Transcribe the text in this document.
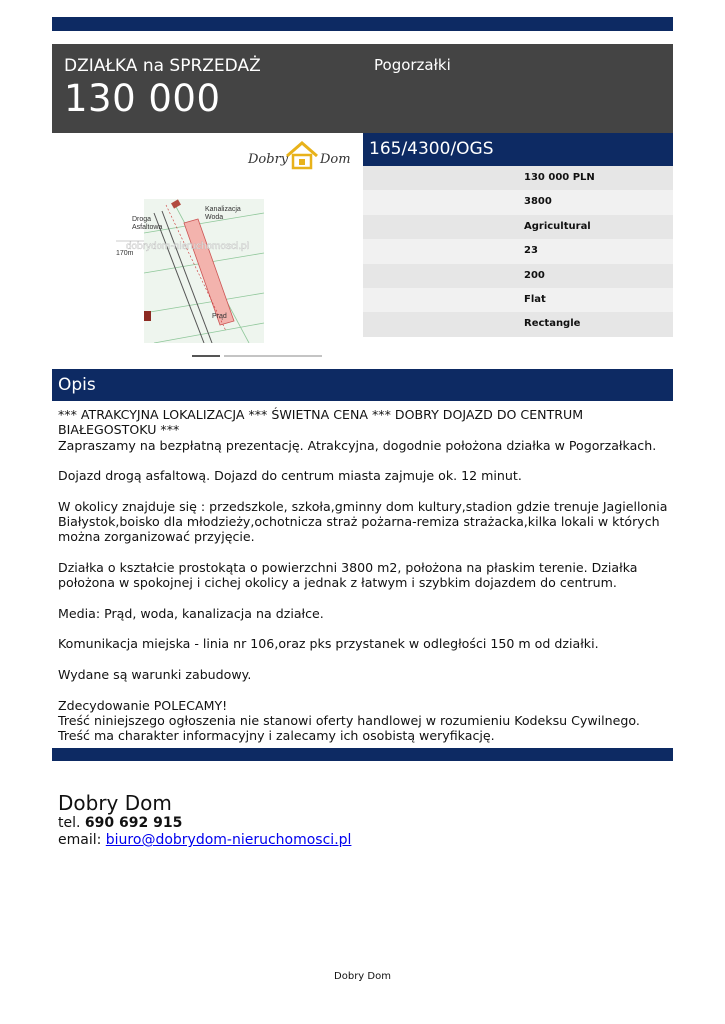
DZIAŁKA na SPRZEDAŻ
130 000
Pogorzałki
Dobry Dom
Droga
Asfaltowa
Kanalizacja
Woda
170m
Prąd
dobrydom-nieruchomosci.pl
165/4300/OGS
130 000 PLN
3800
Agricultural
23
200
Flat
Rectangle
Opis

*** ATRAKCYJNA LOKALIZACJA *** ŚWIETNA CENA *** DOBRY DOJAZD DO CENTRUM BIAŁEGOSTOKU ***

Zapraszamy na bezpłatną prezentację. Atrakcyjna, dogodnie położona działka w Pogorzałkach.

Dojazd drogą asfaltową. Dojazd do centrum miasta zajmuje ok. 12 minut.

W okolicy znajduje się : przedszkole, szkoła,gminny dom kultury,stadion gdzie trenuje Jagiellonia Białystok,boisko dla młodzieży,ochotnicza straż pożarna-remiza strażacka,kilka lokali w których można zorganizować przyjęcie.

Działka o kształcie prostokąta o powierzchni 3800 m2, położona na płaskim terenie. Działka położona w spokojnej i cichej okolicy a jednak z łatwym i szybkim dojazdem do centrum.

Media: Prąd, woda, kanalizacja na działce.

Komunikacja miejska - linia nr 106,oraz pks przystanek w odległości 150 m od działki.

Wydane są warunki zabudowy.

Zdecydowanie POLECAMY!

Treść niniejszego ogłoszenia nie stanowi oferty handlowej w rozumieniu Kodeksu Cywilnego. Treść ma charakter informacyjny i zalecamy ich osobistą weryfikację.

Dobry Dom
tel. 690 692 915
email: biuro@dobrydom-nieruchomosci.pl
Dobry Dom
